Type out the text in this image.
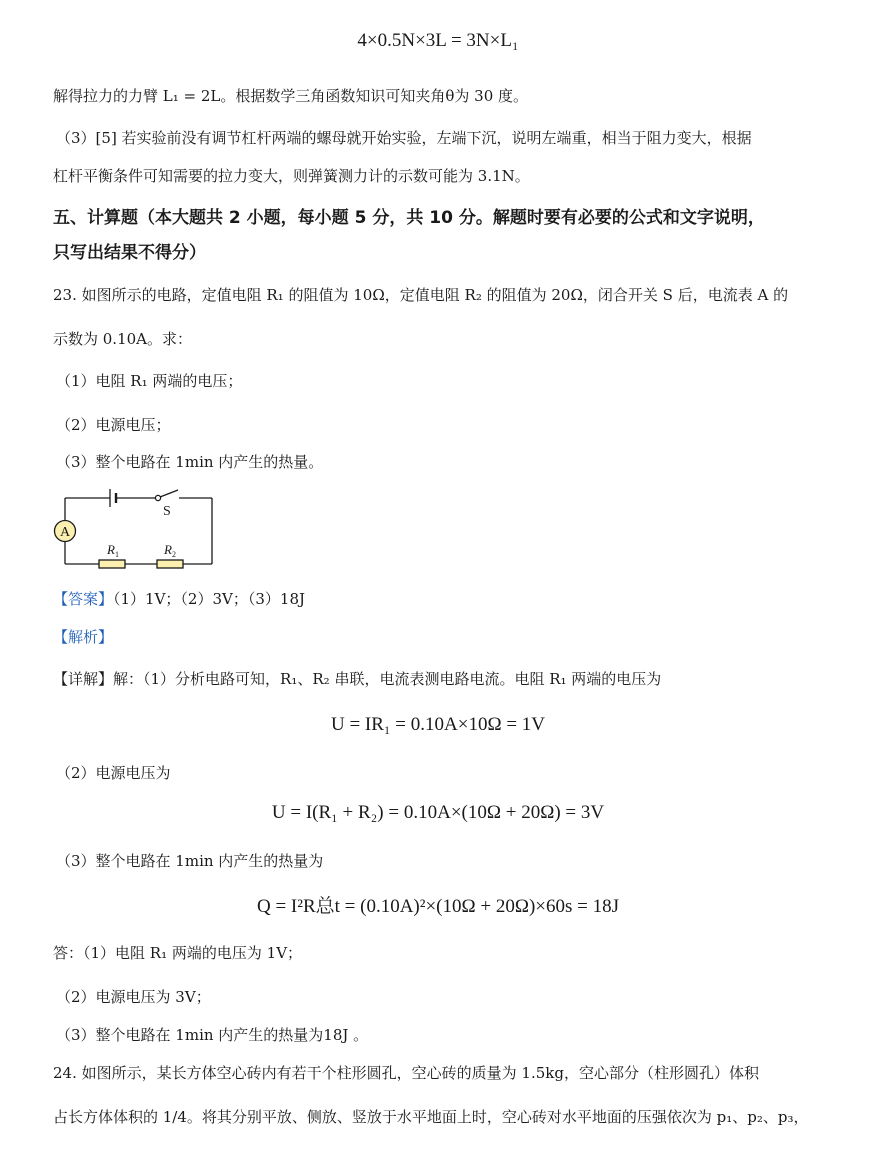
4×0.5N×3L = 3N×L₁
解得拉力的力臂 L₁ = 2L。根据数学三角函数知识可知夹角θ为 30 度。
（3）[5] 若实验前没有调节杠杆两端的螺母就开始实验，左端下沉，说明左端重，相当于阻力变大，根据
杠杆平衡条件可知需要的拉力变大，则弹簧测力计的示数可能为 3.1N。
五、计算题（本大题共 2 小题，每小题 5 分，共 10 分。解题时要有必要的公式和文字说明，
只写出结果不得分）
23. 如图所示的电路，定值电阻 R₁ 的阻值为 10Ω，定值电阻 R₂ 的阻值为 20Ω，闭合开关 S 后，电流表 A 的
示数为 0.10A。求：
（1）电阻 R₁ 两端的电压；
（2）电源电压；
（3）整个电路在 1min 内产生的热量。
A
$R_1$	$R_2$
S
【答案】（1）1V；（2）3V；（3）18J
【解析】
【详解】解：（1）分析电路可知，R₁、R₂ 串联，电流表测电路电流。电阻 R₁ 两端的电压为
U = IR₁ = 0.10A×10Ω = 1V
（2）电源电压为
U = I(R₁ + R₂) = 0.10A×(10Ω + 20Ω) = 3V
（3）整个电路在 1min 内产生的热量为
Q = I²R总t = (0.10A)²×(10Ω + 20Ω)×60s = 18J
答：（1）电阻 R₁ 两端的电压为 1V；
（2）电源电压为 3V；
（3）整个电路在 1min 内产生的热量为18J 。
24. 如图所示，某长方体空心砖内有若干个柱形圆孔，空心砖的质量为 1.5kg，空心部分（柱形圆孔）体积
占长方体体积的 1/4。将其分别平放、侧放、竖放于水平地面上时，空心砖对水平地面的压强依次为 p₁、p₂、p₃，
